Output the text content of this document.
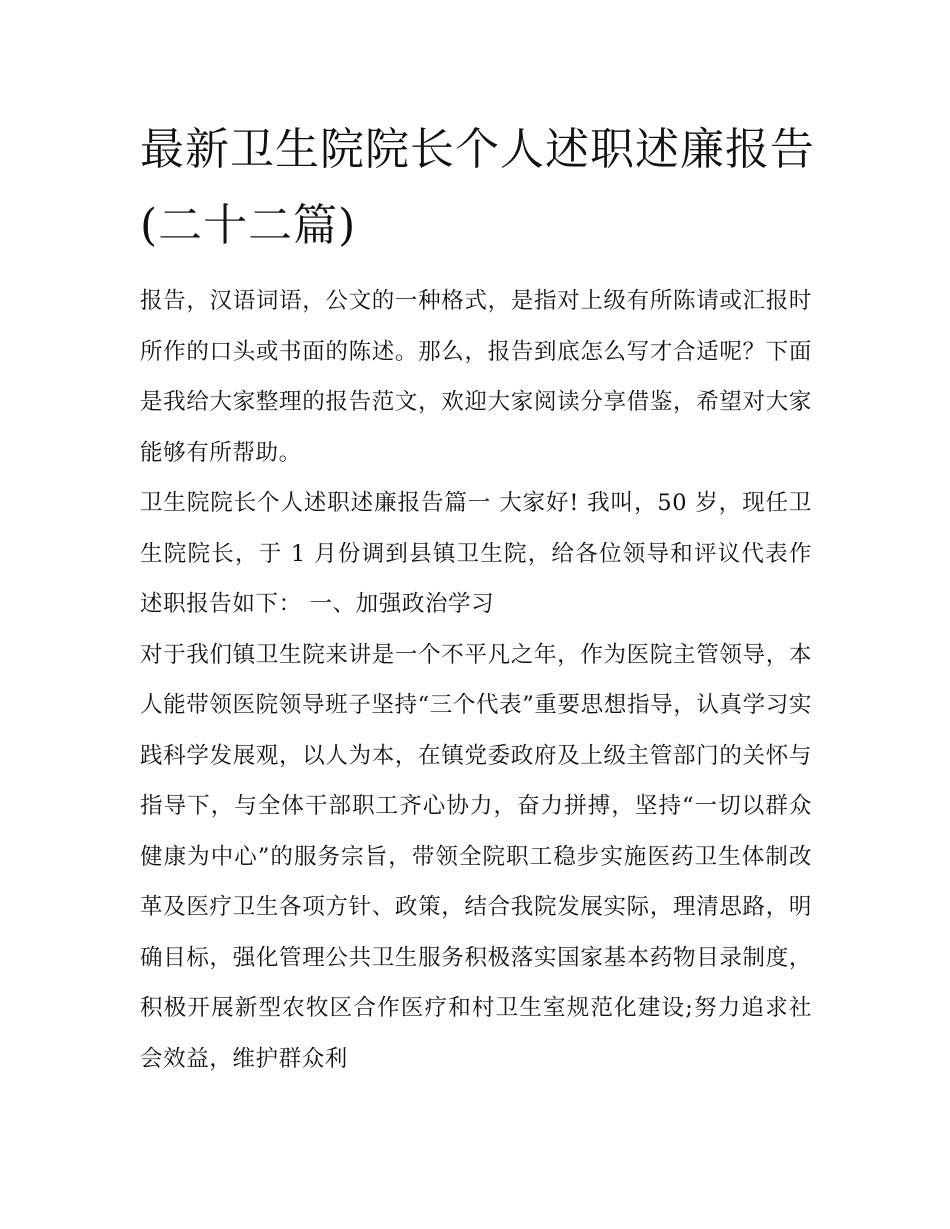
最新卫生院院长个人述职述廉报告(二十二篇)

报告，汉语词语，公文的一种格式，是指对上级有所陈请或汇报时所作的口头或书面的陈述。那么，报告到底怎么写才合适呢？下面是我给大家整理的报告范文，欢迎大家阅读分享借鉴，希望对大家能够有所帮助。

卫生院院长个人述职述廉报告篇一 大家好! 我叫，50 岁，现任卫生院院长，于 1 月份调到县镇卫生院，给各位领导和评议代表作述职报告如下： 一、加强政治学习

对于我们镇卫生院来讲是一个不平凡之年，作为医院主管领导，本人能带领医院领导班子坚持“三个代表”重要思想指导，认真学习实践科学发展观，以人为本，在镇党委政府及上级主管部门的关怀与指导下，与全体干部职工齐心协力，奋力拼搏，坚持“一切以群众健康为中心”的服务宗旨，带领全院职工稳步实施医药卫生体制改革及医疗卫生各项方针、政策，结合我院发展实际，理清思路，明确目标，强化管理公共卫生服务积极落实国家基本药物目录制度，积极开展新型农牧区合作医疗和村卫生室规范化建设;努力追求社会效益，维护群众利
